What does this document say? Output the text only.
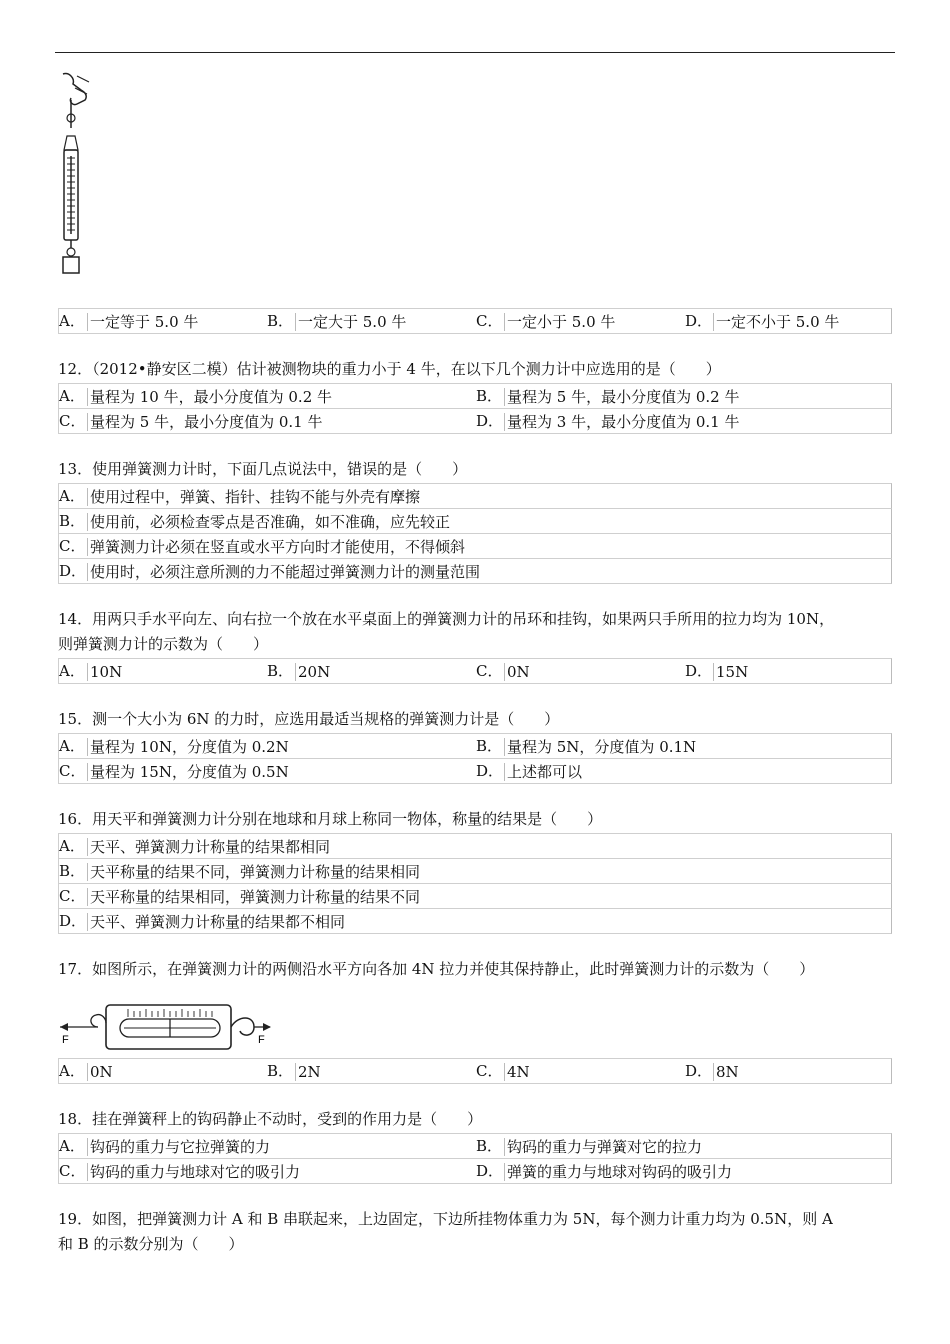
A． 一定等于 5.0 牛	B． 一定大于 5.0 牛	C． 一定小于 5.0 牛	D． 一定不小于 5.0 牛
12．（2012•静安区二模）估计被测物块的重力小于 4 牛，在以下几个测力计中应选用的是（　　）
A． 量程为 10 牛，最小分度值为 0.2 牛	B． 量程为 5 牛，最小分度值为 0.2 牛
C． 量程为 5 牛，最小分度值为 0.1 牛	D． 量程为 3 牛，最小分度值为 0.1 牛
13．使用弹簧测力计时，下面几点说法中，错误的是（　　）
A． 使用过程中，弹簧、指针、挂钩不能与外壳有摩擦
B． 使用前，必须检查零点是否准确，如不准确，应先较正
C． 弹簧测力计必须在竖直或水平方向时才能使用，不得倾斜
D． 使用时，必须注意所测的力不能超过弹簧测力计的测量范围
14．用两只手水平向左、向右拉一个放在水平桌面上的弹簧测力计的吊环和挂钩，如果两只手所用的拉力均为 10N，
则弹簧测力计的示数为（　　）
A． 10N	B． 20N	C． 0N	D． 15N
15．测一个大小为 6N 的力时，应选用最适当规格的弹簧测力计是（　　）
A． 量程为 10N，分度值为 0.2N	B． 量程为 5N，分度值为 0.1N
C． 量程为 15N，分度值为 0.5N	D． 上述都可以
16．用天平和弹簧测力计分别在地球和月球上称同一物体，称量的结果是（　　）
A． 天平、弹簧测力计称量的结果都相同
B． 天平称量的结果不同，弹簧测力计称量的结果相同
C． 天平称量的结果相同，弹簧测力计称量的结果不同
D． 天平、弹簧测力计称量的结果都不相同
17．如图所示，在弹簧测力计的两侧沿水平方向各加 4N 拉力并使其保持静止，此时弹簧测力计的示数为（　　）
F	F
A． 0N	B． 2N	C． 4N	D． 8N
18．挂在弹簧秤上的钩码静止不动时，受到的作用力是（　　）
A． 钩码的重力与它拉弹簧的力	B． 钩码的重力与弹簧对它的拉力
C． 钩码的重力与地球对它的吸引力	D． 弹簧的重力与地球对钩码的吸引力
19．如图，把弹簧测力计 A 和 B 串联起来，上边固定，下边所挂物体重力为 5N，每个测力计重力均为 0.5N，则 A
和 B 的示数分别为（　　）
